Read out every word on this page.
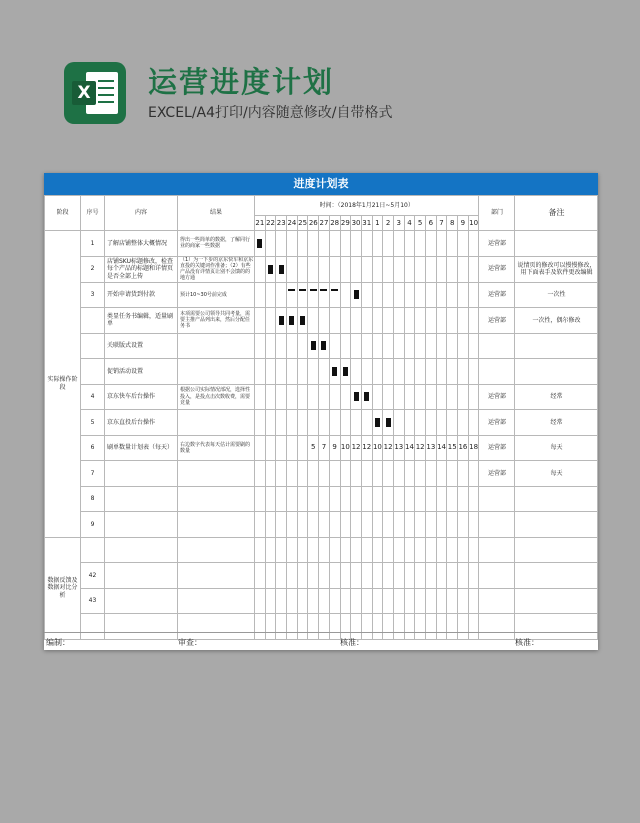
X 运营进度计划
EXCEL/A4打印/内容随意修改/自带格式
进度计划表
阶段	序号	内容	结果	时间：（2018年1月21日~5月10）																					部门	备注
				21	22	23	24	25	26	27	28	29	30	31	1	2	3	4	5	6	7	8	9	10		
实际操作阶段	1	了解店铺整体大概情况	得出一些简单的数据，了解同行业的商家一些数据																						运营部	
	2	店铺SKU标题修改，检查每个产品的标题和详情页是否全部上传	（1）为一下步的京东快车和京东直投的关键词作准备；（2）有些产品没有详情页让别不会馈的的地方通																						运营部	说情页的修改可以慢慢修改，用下面表手及软件更改编辑
	3	开始申请货到付款	预计10~30号前完成																						运营部	一次性
		类显任务书编辑，适量刷单	本项需要公司领导共同考量，需要主推产品列出来，然后分配任务书																						运营部	一次性，偶尔修改
		关联版式设置							

		促销活动设置									

	4	京东快车后台操作	根据公司实际情况部况，选择性投入，是投点击次数收费，需要竞量																						运营部	经常
	5	京东直投后台操作																							运营部	经常
	6	刷单数量计划表（每天）	右边数字代表每天估计需要刷的数量						5	7	9	10	12	12	10	12	13	14	12	13	14	15	16	18	运营部	每天
	7																								运营部	每天
	8																									
	9																									
数据反馈及数据对比分析																										
	42																									
	43																									

编制：	审查：	核准：	核准：
